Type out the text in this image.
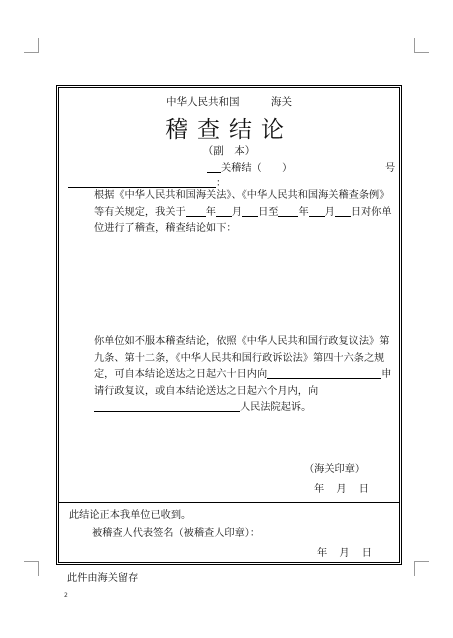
中华人民共和国　　　海关
稽查结论
（副　本）
关稽结（　　）	号
：

根据《中华人民共和国海关法》、《中华人民共和国海关稽查条例》等有关规定，我关于 年 月 日至 年 月 日对你单位进行了稽查，稽查结论如下：

你单位如不服本稽查结论，依照《中华人民共和国行政复议法》第九条、第十二条，《中华人民共和国行政诉讼法》第四十六条之规定，可自本结论送达之日起六十日内向	申请行政复议，或自本结论送达之日起六个月内，向人民法院起诉。

（海关印章）
年　月　日
此结论正本我单位已收到。
被稽查人代表签名（被稽查人印章）：
年　月　日
此件由海关留存
2
